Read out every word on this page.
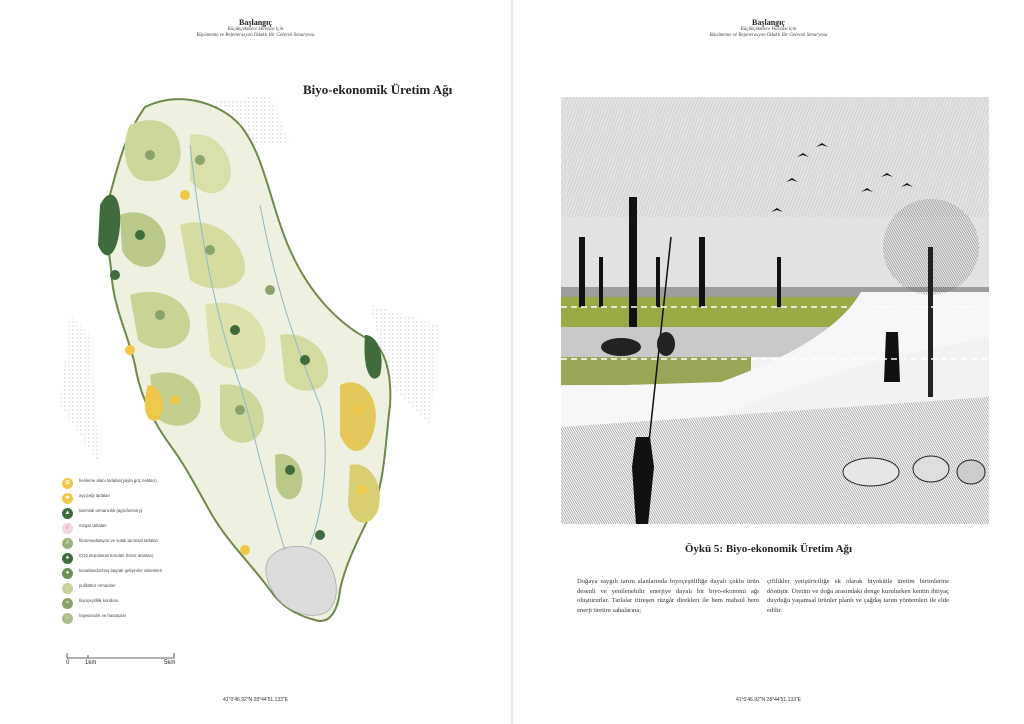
Başlangıç
Küçükçekmece Havzası için
Büyümeme ve Rejenerasyon Odaklı Bir Gelecek Senaryosu
Biyo-ekonomik Üretim Ağı
✿	besleme alanı tarlaları(yayla göç nektarı)
♣	ayçiçeği tarlaları
▲	tarımsal ormancılık (agroforestry)
⁄	rüzgar tarlaları
✓	fitoremediasyon ve sulak tarımsal tarlaları
♠	CO2 depolanan koruları (teraz alanları)
●	konutlandırılmış bayrak gelişimler sistemleri
·	polikültür ormanları
≈	biyoçeşitlilik koridoru
∴	hayvancılık ve hasatçılar
0	1km	5km
41°0'46.92"N 28°44'51.133"E
Başlangıç
Küçükçekmece Havzası için
Büyümeme ve Rejenerasyon Odaklı Bir Gelecek Senaryosu
Öykü 5: Biyo-ekonomik Üretim Ağı
Doğaya saygılı tarım alanlarında biyoçeşitliliğe dayalı çoklu ürün desenli ve yenilenebilir enerjiye dayalı bir biyo-ekonomi ağı oluştururlar. Tarlalar titreşen rüzgâr direkleri ile hem mahsul hem enerji üretim sahalarına;
çiftlikler yetiştiriciliğe ek olarak biyokütle üretim birimlerine dönüşür. Üretim ve doğa arasındaki denge kurulurken kentin ihtiyaç duyduğu yaşamsal ürünler planlı ve çağdaş tarım yöntemleri ile elde edilir.
41°0'46.92"N 28°44'51.133"E
